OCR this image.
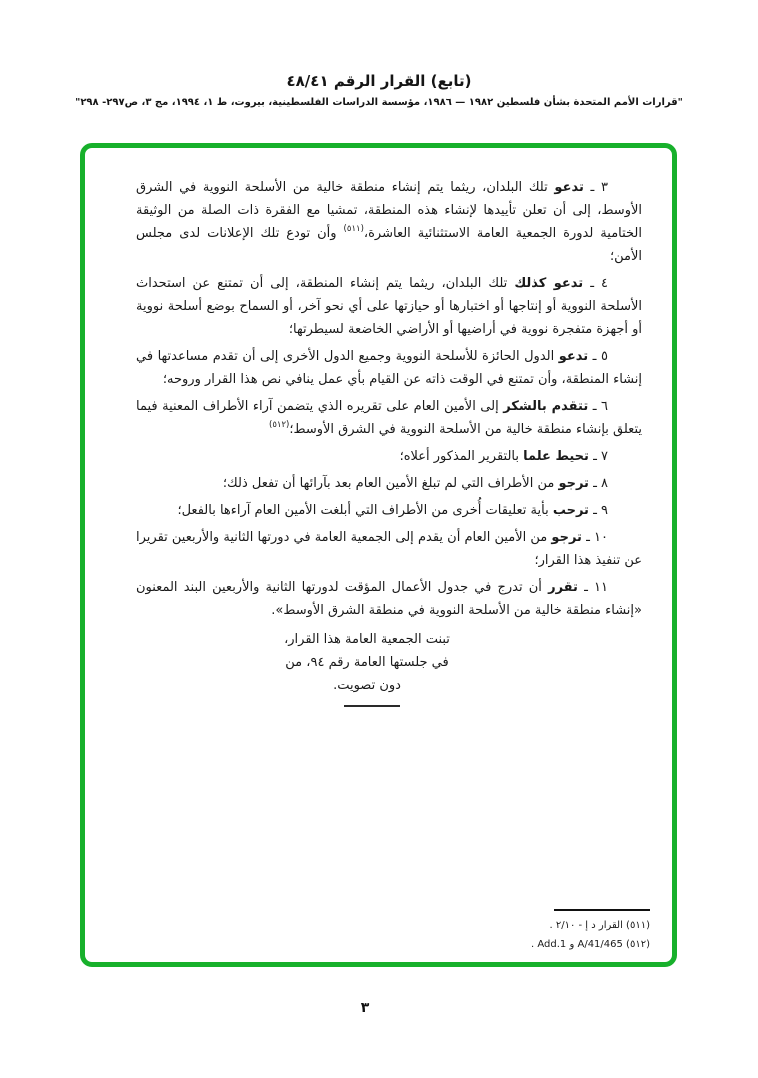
(تابع) القرار الرقم ٤٨/٤١
"قرارات الأمم المتحدة بشأن فلسطين ١٩٨٢ — ١٩٨٦، مؤسسة الدراسات الفلسطينية، بيروت، ط ١، ١٩٩٤، مج ٣، ص٢٩٧- ٢٩٨"

٣ ـ تدعو تلك البلدان، ريثما يتم إنشاء منطقة خالية من الأسلحة النووية في الشرق الأوسط، إلى أن تعلن تأييدها لإنشاء هذه المنطقة، تمشيا مع الفقرة ذات الصلة من الوثيقة الختامية لدورة الجمعية العامة الاستثنائية العاشرة،$^{(٥١١)}$ وأن تودع تلك الإعلانات لدى مجلس الأمن؛

٤ ـ تدعو كذلك تلك البلدان، ريثما يتم إنشاء المنطقة، إلى أن تمتنع عن استحداث الأسلحة النووية أو إنتاجها أو اختبارها أو حيازتها على أي نحو آخر، أو السماح بوضع أسلحة نووية أو أجهزة متفجرة نووية في أراضيها أو الأراضي الخاضعة لسيطرتها؛

٥ ـ تدعو الدول الحائزة للأسلحة النووية وجميع الدول الأخرى إلى أن تقدم مساعدتها في إنشاء المنطقة، وأن تمتنع في الوقت ذاته عن القيام بأي عمل ينافي نص هذا القرار وروحه؛

٦ ـ تتقدم بالشكر إلى الأمين العام على تقريره الذي يتضمن آراء الأطراف المعنية فيما يتعلق بإنشاء منطقة خالية من الأسلحة النووية في الشرق الأوسط؛$^{(٥١٢)}$

٧ ـ تحيط علما بالتقرير المذكور أعلاه؛

٨ ـ ترجو من الأطراف التي لم تبلغ الأمين العام بعد بآرائها أن تفعل ذلك؛

٩ ـ ترحب بأية تعليقات أُخرى من الأطراف التي أبلغت الأمين العام آراءها بالفعل؛

١٠ ـ ترجو من الأمين العام أن يقدم إلى الجمعية العامة في دورتها الثانية والأربعين تقريرا عن تنفيذ هذا القرار؛

١١ ـ تقرر أن تدرج في جدول الأعمال المؤقت لدورتها الثانية والأربعين البند المعنون «إنشاء منطقة خالية من الأسلحة النووية في منطقة الشرق الأوسط».

تبنت الجمعية العامة هذا القرار،
في جلستها العامة رقم ٩٤، من
دون تصويت.
(٥١١) القرار د إ - ٢/١٠ .
(٥١٢) A/41/465 و Add.1 .
٣
